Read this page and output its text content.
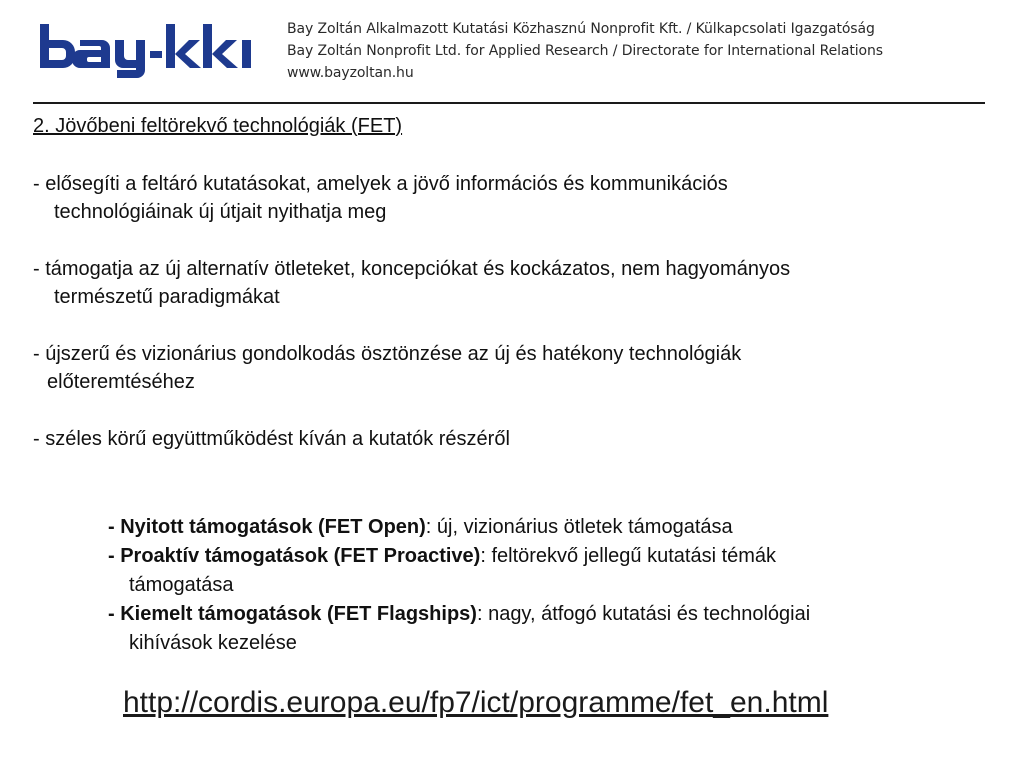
®
Bay Zoltán Alkalmazott Kutatási Közhasznú Nonprofit Kft. / Külkapcsolati Igazgatóság
Bay Zoltán Nonprofit Ltd. for Applied Research / Directorate for International Relations
www.bayzoltan.hu
2. Jövőbeni feltörekvő technológiák (FET)
- elősegíti a feltáró kutatásokat, amelyek a jövő információs és kommunikációs
technológiáinak új útjait nyithatja meg
- támogatja az új alternatív ötleteket, koncepciókat és kockázatos, nem hagyományos
természetű paradigmákat
- újszerű és vizionárius gondolkodás ösztönzése az új és hatékony technológiák
előteremtéséhez
- széles körű együttműködést kíván a kutatók részéről
- Nyitott támogatások (FET Open): új, vizionárius ötletek támogatása
- Proaktív támogatások (FET Proactive): feltörekvő jellegű kutatási témák
támogatása
- Kiemelt támogatások (FET Flagships): nagy, átfogó kutatási és technológiai
kihívások kezelése
http://cordis.europa.eu/fp7/ict/programme/fet_en.html
